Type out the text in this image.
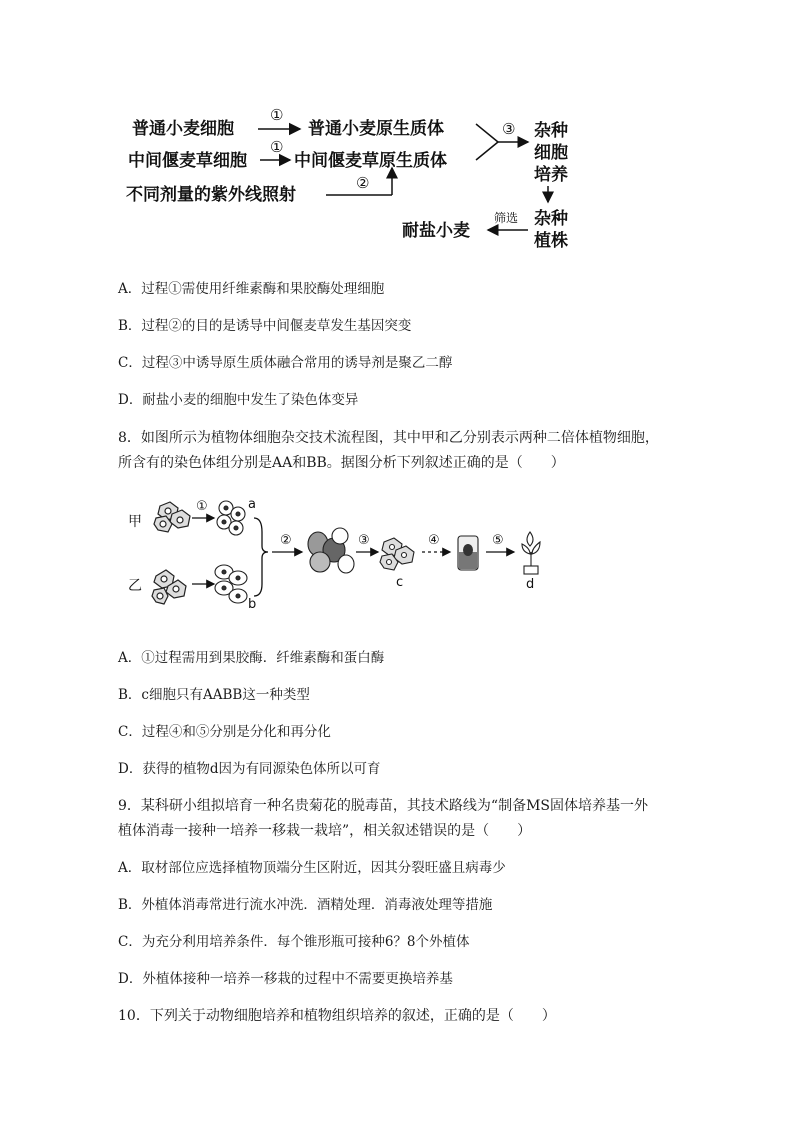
普通小麦细胞
①
普通小麦原生质体
中间偃麦草细胞
①
中间偃麦草原生质体
③ 杂种
细胞
培养
不同剂量的紫外线照射
②
杂种
植株
筛选
耐盐小麦
A．过程①需使用纤维素酶和果胶酶处理细胞
B．过程②的目的是诱导中间偃麦草发生基因突变
C．过程③中诱导原生质体融合常用的诱导剂是聚乙二醇
D．耐盐小麦的细胞中发生了染色体变异
8．如图所示为植物体细胞杂交技术流程图，其中甲和乙分别表示两种二倍体植物细胞，
所含有的染色体组分别是AA和BB。据图分析下列叙述正确的是（　　）
甲
乙
①	a
b
②	③
c
④	⑤
d
A．①过程需用到果胶酶．纤维素酶和蛋白酶
B．c细胞只有AABB这一种类型
C．过程④和⑤分别是分化和再分化
D．获得的植物d因为有同源染色体所以可育
9．某科研小组拟培育一种名贵菊花的脱毒苗，其技术路线为“制备MS固体培养基一外
植体消毒一接种一培养一移栽一栽培”，相关叙述错误的是（　　）
A．取材部位应选择植物顶端分生区附近，因其分裂旺盛且病毒少
B．外植体消毒常进行流水冲洗．酒精处理．消毒液处理等措施
C．为充分利用培养条件．每个锥形瓶可接种6？8个外植体
D．外植体接种一培养一移栽的过程中不需要更换培养基
10．下列关于动物细胞培养和植物组织培养的叙述，正确的是（　　）
